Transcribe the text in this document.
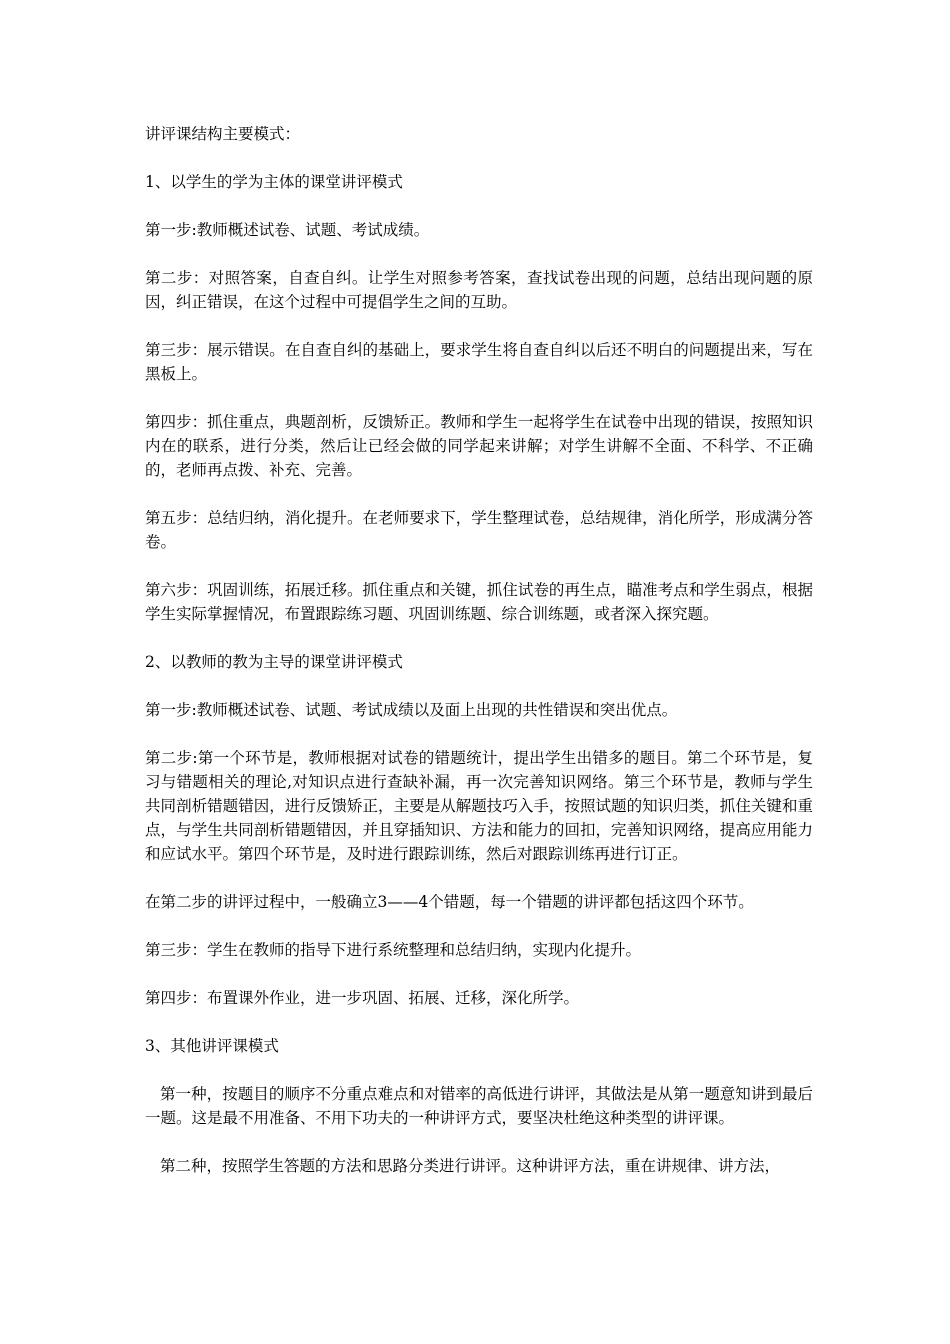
讲评课结构主要模式：

1、以学生的学为主体的课堂讲评模式

第一步:教师概述试卷、试题、考试成绩。

第二步：对照答案，自查自纠。让学生对照参考答案，查找试卷出现的问题，总结出现问题的原因，纠正错误，在这个过程中可提倡学生之间的互助。

第三步：展示错误。在自查自纠的基础上，要求学生将自查自纠以后还不明白的问题提出来，写在黑板上。

第四步：抓住重点，典题剖析，反馈矫正。教师和学生一起将学生在试卷中出现的错误，按照知识内在的联系，进行分类，然后让已经会做的同学起来讲解；对学生讲解不全面、不科学、不正确的，老师再点拨、补充、完善。

第五步：总结归纳，消化提升。在老师要求下，学生整理试卷，总结规律，消化所学，形成满分答卷。

第六步：巩固训练，拓展迁移。抓住重点和关键，抓住试卷的再生点，瞄准考点和学生弱点，根据学生实际掌握情况，布置跟踪练习题、巩固训练题、综合训练题，或者深入探究题。

2、以教师的教为主导的课堂讲评模式

第一步:教师概述试卷、试题、考试成绩以及面上出现的共性错误和突出优点。

第二步:第一个环节是，教师根据对试卷的错题统计，提出学生出错多的题目。第二个环节是，复习与错题相关的理论,对知识点进行查缺补漏，再一次完善知识网络。第三个环节是，教师与学生共同剖析错题错因，进行反馈矫正，主要是从解题技巧入手，按照试题的知识归类，抓住关键和重点，与学生共同剖析错题错因，并且穿插知识、方法和能力的回扣，完善知识网络，提高应用能力和应试水平。第四个环节是，及时进行跟踪训练，然后对跟踪训练再进行订正。

在第二步的讲评过程中，一般确立3——4个错题，每一个错题的讲评都包括这四个环节。

第三步：学生在教师的指导下进行系统整理和总结归纳，实现内化提升。

第四步：布置课外作业，进一步巩固、拓展、迁移，深化所学。

3、其他讲评课模式

第一种，按题目的顺序不分重点难点和对错率的高低进行讲评，其做法是从第一题意知讲到最后一题。这是最不用准备、不用下功夫的一种讲评方式，要坚决杜绝这种类型的讲评课。

第二种，按照学生答题的方法和思路分类进行讲评。这种讲评方法，重在讲规律、讲方法，
